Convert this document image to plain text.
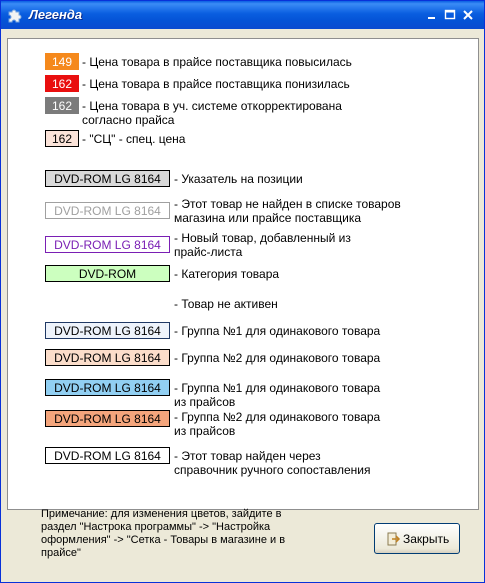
Легенда
149 - Цена товара в прайсе поставщика повысилась
162 - Цена товара в прайсе поставщика понизилась
162 - Цена товара в уч. системе откорректирована
согласно прайса
162 - "СЦ" - спец. цена
DVD-ROM LG 8164	- Указатель на позиции
DVD-ROM LG 8164	- Этот товар не найден в списке товаров
магазина или прайсе поставщика
DVD-ROM LG 8164	- Новый товар, добавленный из
прайс-листа
DVD-ROM	- Категория товара
- Товар не активен
DVD-ROM LG 8164	- Группа №1 для одинакового товара
DVD-ROM LG 8164	- Группа №2 для одинакового товара
DVD-ROM LG 8164	- Группа №1 для одинакового товара
из прайсов
DVD-ROM LG 8164	- Группа №2 для одинакового товара
из прайсов
DVD-ROM LG 8164	- Этот товар найден через
справочник ручного сопоставления
Примечание: для изменения цветов, зайдите в
раздел "Настрока программы" -> "Настройка
оформления" -> "Сетка - Товары в магазине и в
прайсе"
Закрыть
